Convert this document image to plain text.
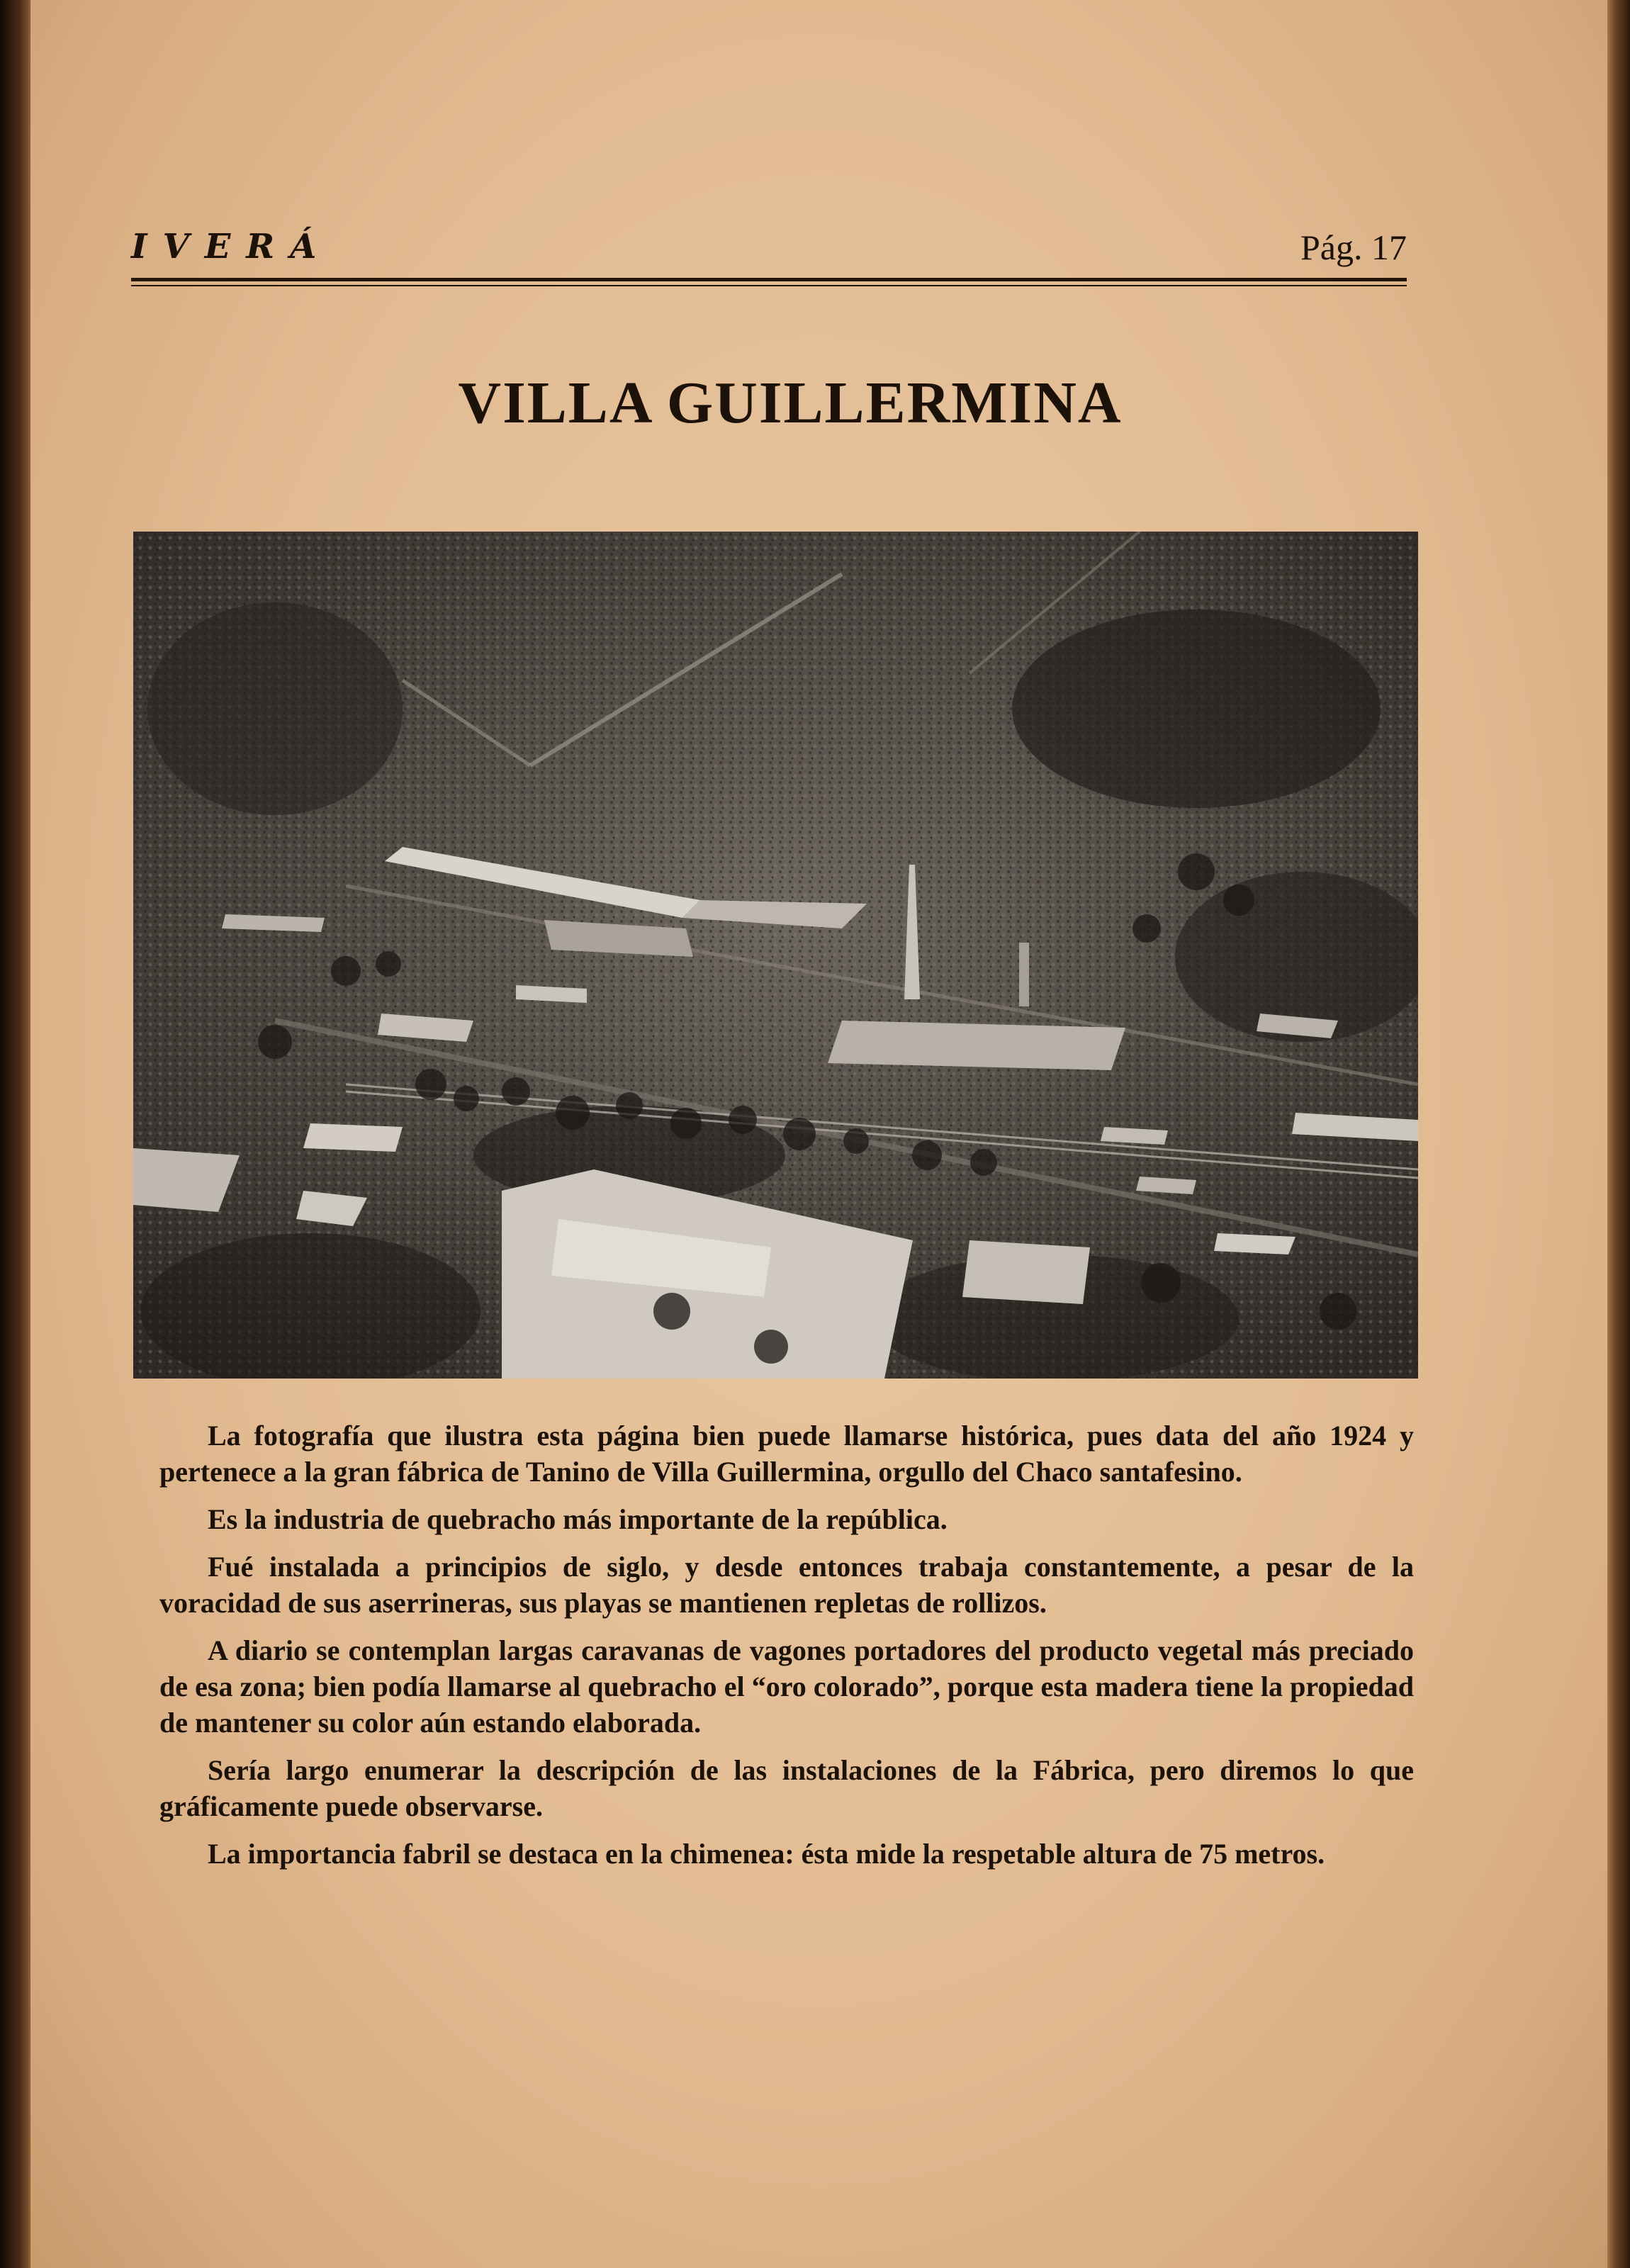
IVERÁ	Pág. 17
VILLA GUILLERMINA

La fotografía que ilustra esta página bien puede llamarse histórica, pues data del año 1924 y pertenece a la gran fábrica de Tanino de Villa Guillermina, orgullo del Chaco santafesino.

Es la industria de quebracho más importante de la república.

Fué instalada a principios de siglo, y desde entonces trabaja constantemente, a pesar de la voracidad de sus aserrineras, sus playas se mantienen repletas de rollizos.

A diario se contemplan largas caravanas de vagones portadores del producto vegetal más preciado de esa zona; bien podía llamarse al quebracho el “oro colorado”, porque esta madera tiene la propiedad de mantener su color aún estando elaborada.

Sería largo enumerar la descripción de las instalaciones de la Fábrica, pero diremos lo que gráficamente puede observarse.

La importancia fabril se destaca en la chimenea: ésta mide la respetable altura de 75 metros.
